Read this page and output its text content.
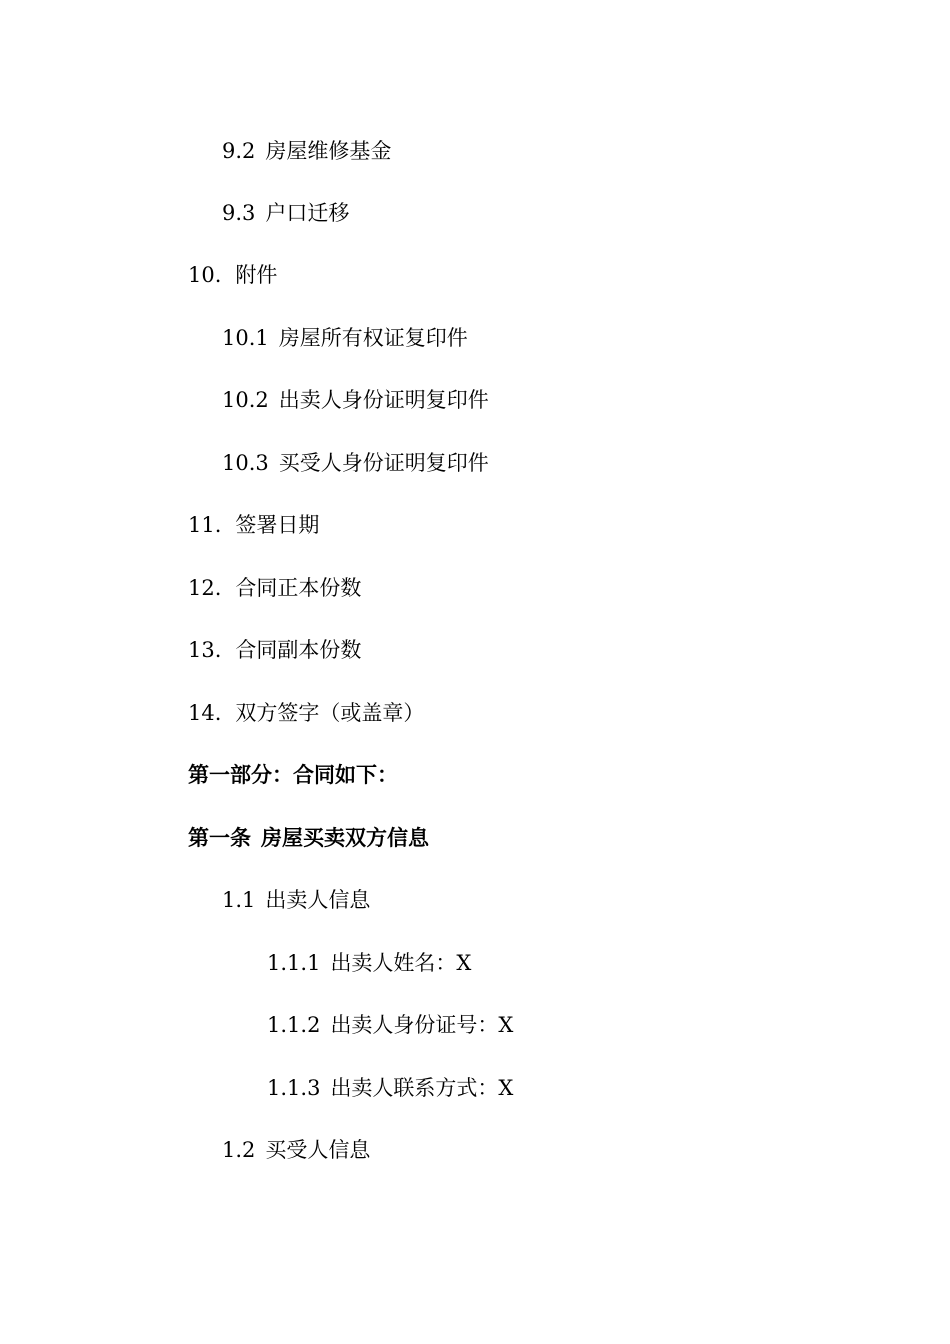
9.2 房屋维修基金
9.3 户口迁移
10. 附件
10.1 房屋所有权证复印件
10.2 出卖人身份证明复印件
10.3 买受人身份证明复印件
11. 签署日期
12. 合同正本份数
13. 合同副本份数
14. 双方签字（或盖章）
第一部分：合同如下：
第一条 房屋买卖双方信息
1.1 出卖人信息
1.1.1 出卖人姓名：X
1.1.2 出卖人身份证号：X
1.1.3 出卖人联系方式：X
1.2 买受人信息
